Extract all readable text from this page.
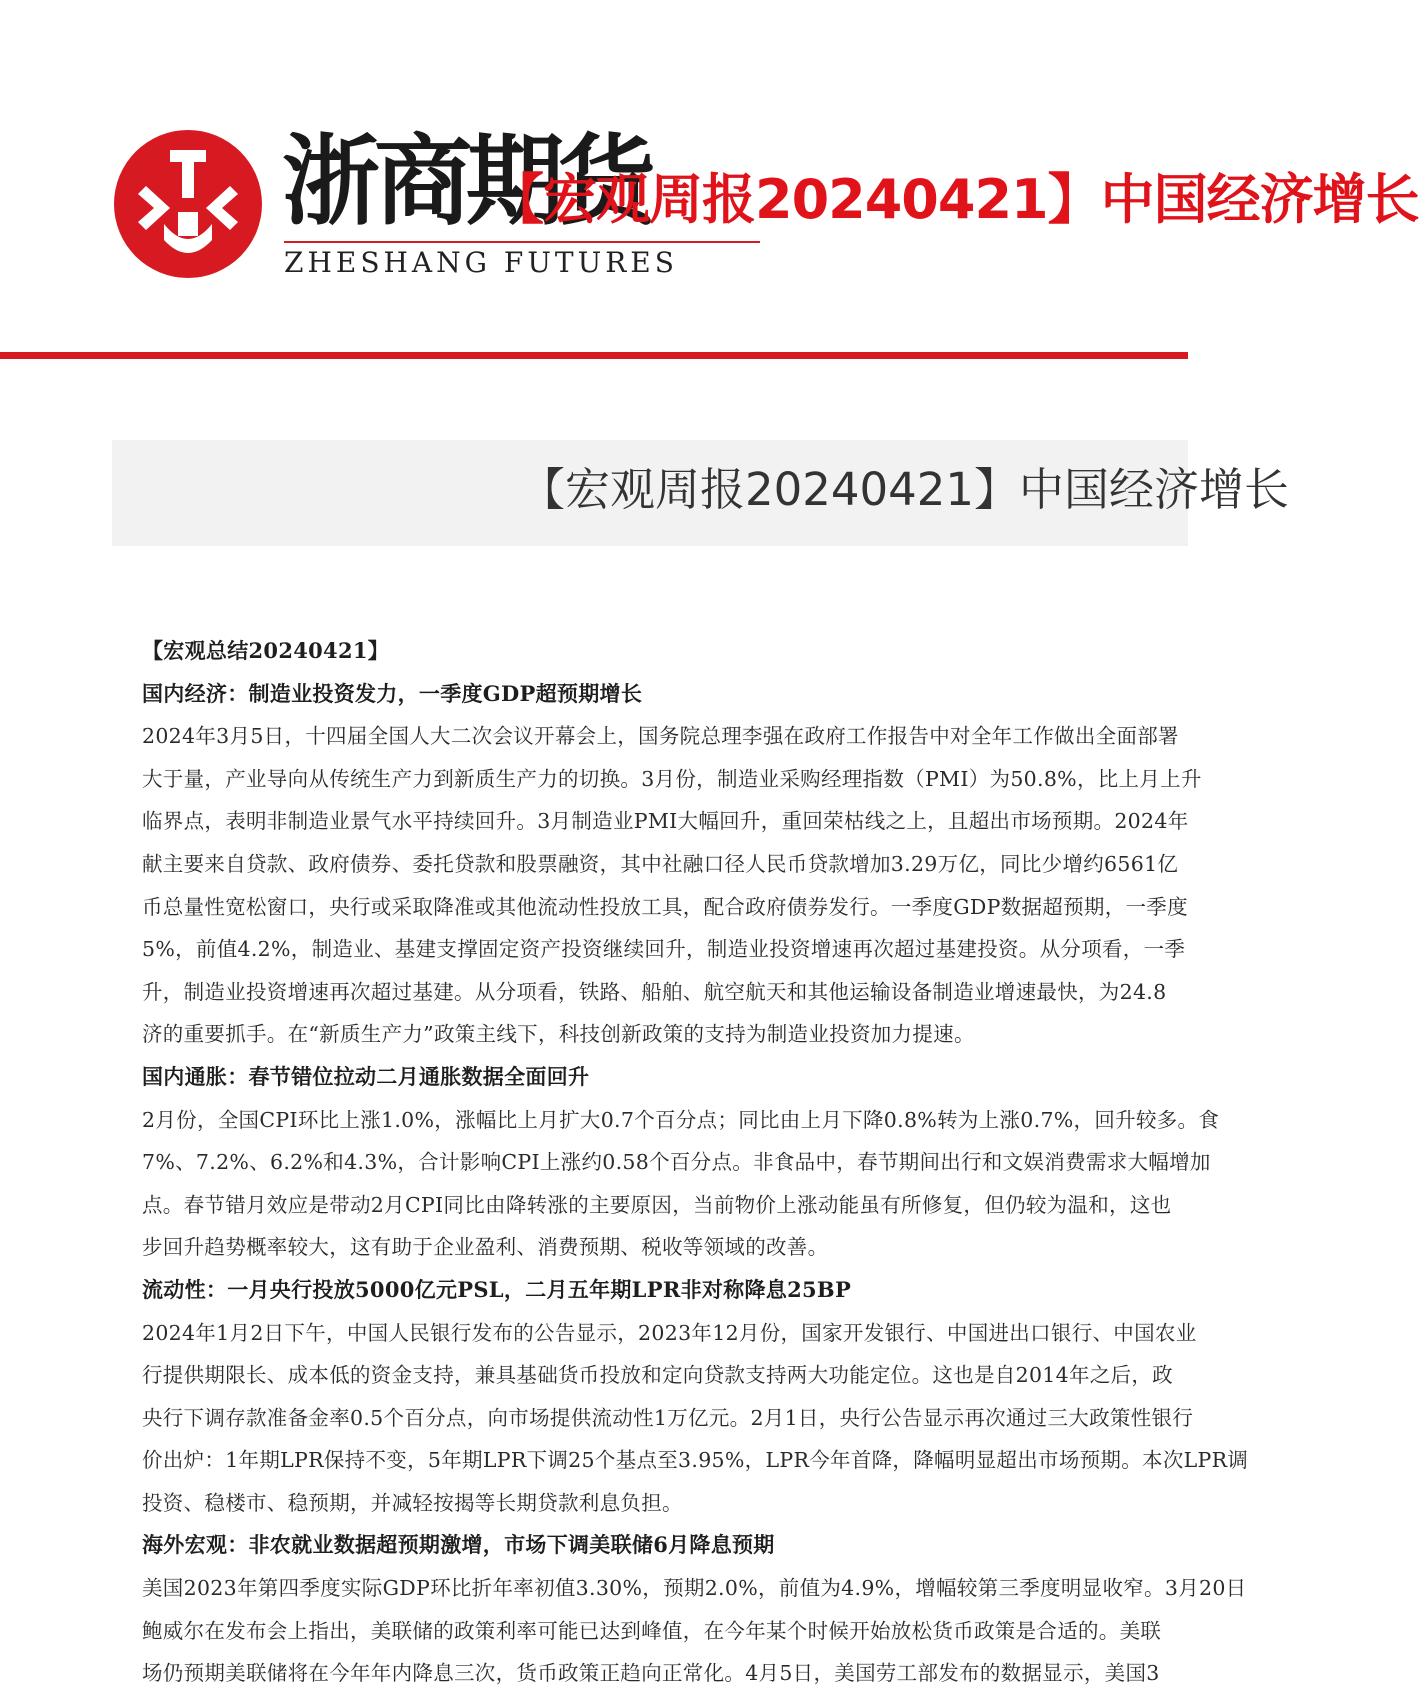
浙商期货
ZHESHANG FUTURES
【宏观周报20240421】中国经济增长
【宏观周报20240421】中国经济增长
【宏观总结20240421】
国内经济：制造业投资发力，一季度GDP超预期增长
2024年3月5日，十四届全国人大二次会议开幕会上，国务院总理李强在政府工作报告中对全年工作做出全面部署
大于量，产业导向从传统生产力到新质生产力的切换。3月份，制造业采购经理指数（PMI）为50.8%，比上月上升
临界点，表明非制造业景气水平持续回升。3月制造业PMI大幅回升，重回荣枯线之上，且超出市场预期。2024年
献主要来自贷款、政府债券、委托贷款和股票融资，其中社融口径人民币贷款增加3.29万亿，同比少增约6561亿
币总量性宽松窗口，央行或采取降准或其他流动性投放工具，配合政府债券发行。一季度GDP数据超预期，一季度
5%，前值4.2%，制造业、基建支撑固定资产投资继续回升，制造业投资增速再次超过基建投资。从分项看，一季
升，制造业投资增速再次超过基建。从分项看，铁路、船舶、航空航天和其他运输设备制造业增速最快，为24.8
济的重要抓手。在“新质生产力”政策主线下，科技创新政策的支持为制造业投资加力提速。
国内通胀：春节错位拉动二月通胀数据全面回升
2月份，全国CPI环比上涨1.0%，涨幅比上月扩大0.7个百分点；同比由上月下降0.8%转为上涨0.7%，回升较多。食
7%、7.2%、6.2%和4.3%，合计影响CPI上涨约0.58个百分点。非食品中，春节期间出行和文娱消费需求大幅增加
点。春节错月效应是带动2月CPI同比由降转涨的主要原因，当前物价上涨动能虽有所修复，但仍较为温和，这也
步回升趋势概率较大，这有助于企业盈利、消费预期、税收等领域的改善。
流动性：一月央行投放5000亿元PSL，二月五年期LPR非对称降息25BP
2024年1月2日下午，中国人民银行发布的公告显示，2023年12月份，国家开发银行、中国进出口银行、中国农业
行提供期限长、成本低的资金支持，兼具基础货币投放和定向贷款支持两大功能定位。这也是自2014年之后，政
央行下调存款准备金率0.5个百分点，向市场提供流动性1万亿元。2月1日，央行公告显示再次通过三大政策性银行
价出炉：1年期LPR保持不变，5年期LPR下调25个基点至3.95%，LPR今年首降，降幅明显超出市场预期。本次LPR调
投资、稳楼市、稳预期，并减轻按揭等长期贷款利息负担。
海外宏观：非农就业数据超预期激增，市场下调美联储6月降息预期
美国2023年第四季度实际GDP环比折年率初值3.30%，预期2.0%，前值为4.9%，增幅较第三季度明显收窄。3月20日
鲍威尔在发布会上指出，美联储的政策利率可能已达到峰值，在今年某个时候开始放松货币政策是合适的。美联
场仍预期美联储将在今年年内降息三次，货币政策正趋向正常化。4月5日，美国劳工部发布的数据显示，美国3
